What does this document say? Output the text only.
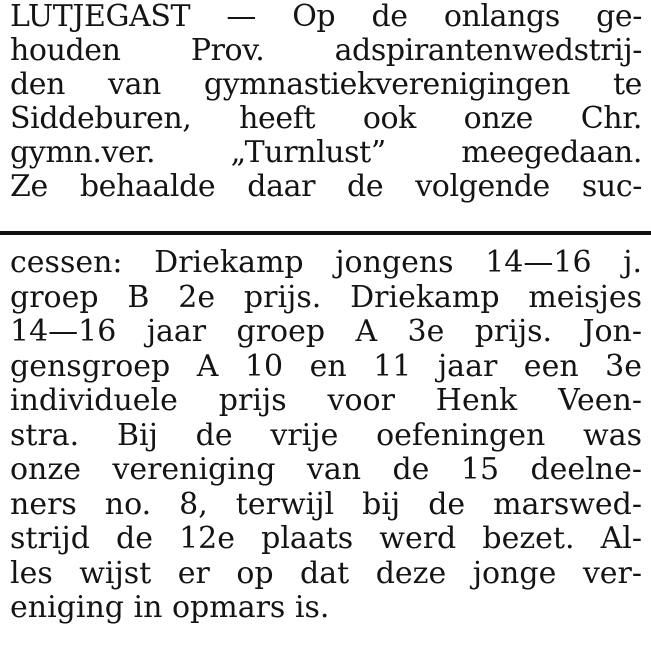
LUTJEGAST — Op de onlangs ge-
houden Prov. adspirantenwedstrij-
den van gymnastiekverenigingen te
Siddeburen, heeft ook onze Chr.
gymn.ver. „Turnlust” meegedaan.
Ze behaalde daar de volgende suc-
cessen: Driekamp jongens 14—16 j.
groep B 2e prijs. Driekamp meisjes
14—16 jaar groep A 3e prijs. Jon-
gensgroep A 10 en 11 jaar een 3e
individuele prijs voor Henk Veen-
stra. Bij de vrije oefeningen was
onze vereniging van de 15 deelne-
ners no. 8, terwijl bij de marswed-
strijd de 12e plaats werd bezet. Al-
les wijst er op dat deze jonge ver-
eniging in opmars is.
